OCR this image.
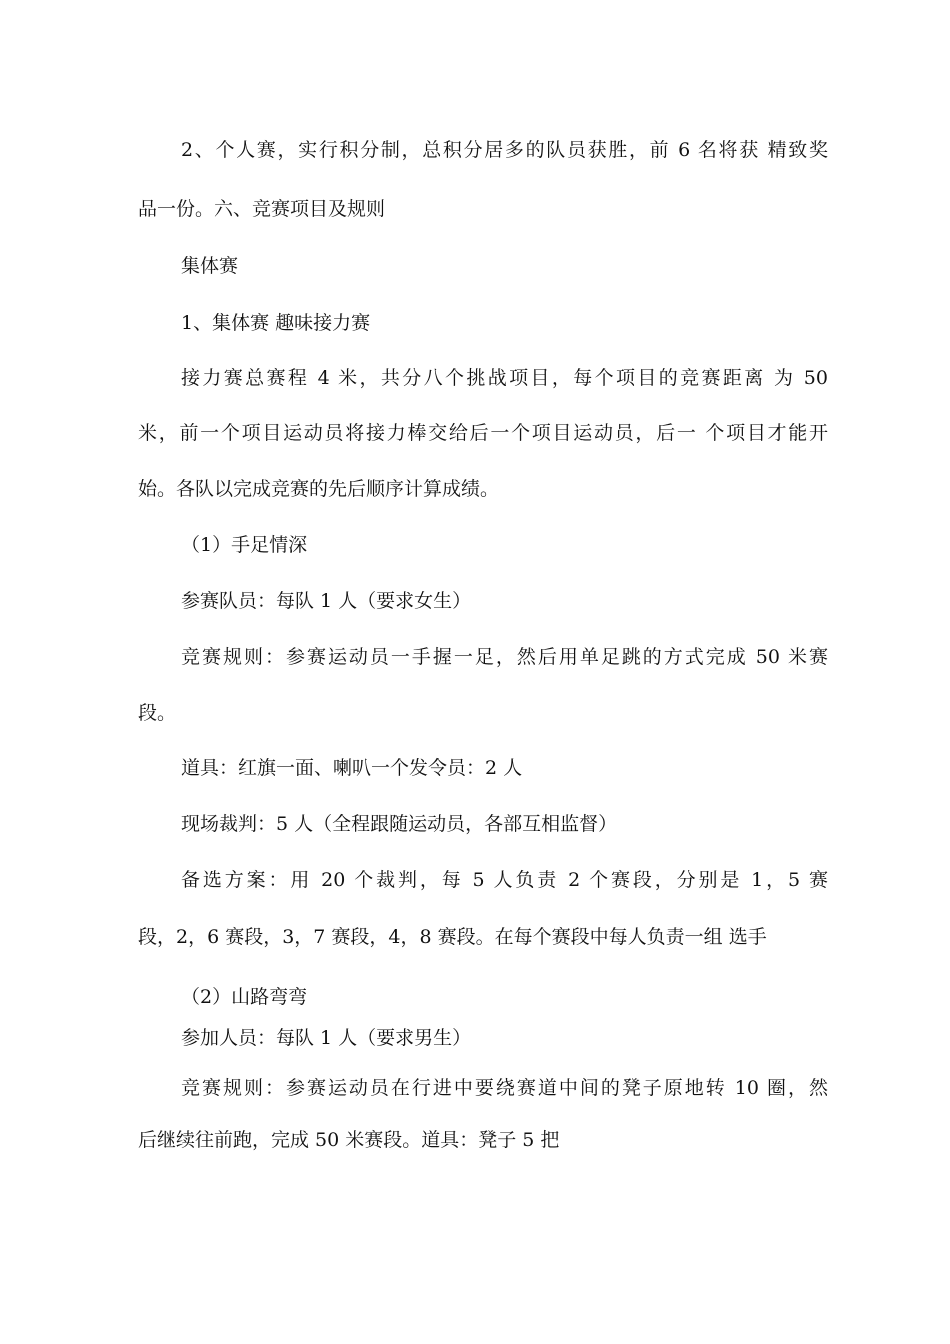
2、个人赛，实行积分制，总积分居多的队员获胜，前 6 名将获 精致奖
品一份。六、竞赛项目及规则
集体赛
1、集体赛 趣味接力赛
接力赛总赛程 4 米，共分八个挑战项目，每个项目的竞赛距离 为 50
米，前一个项目运动员将接力棒交给后一个项目运动员，后一 个项目才能开
始。各队以完成竞赛的先后顺序计算成绩。
（1）手足情深
参赛队员：每队 1 人（要求女生）
竞赛规则：参赛运动员一手握一足，然后用单足跳的方式完成 50 米赛
段。
道具：红旗一面、喇叭一个发令员：2 人
现场裁判：5 人（全程跟随运动员，各部互相监督）
备选方案：用 20 个裁判，每 5 人负责 2 个赛段，分别是 1，5 赛
段，2，6 赛段，3，7 赛段，4，8 赛段。在每个赛段中每人负责一组 选手
（2）山路弯弯
参加人员：每队 1 人（要求男生）
竞赛规则：参赛运动员在行进中要绕赛道中间的凳子原地转 10 圈，然
后继续往前跑，完成 50 米赛段。道具：凳子 5 把
